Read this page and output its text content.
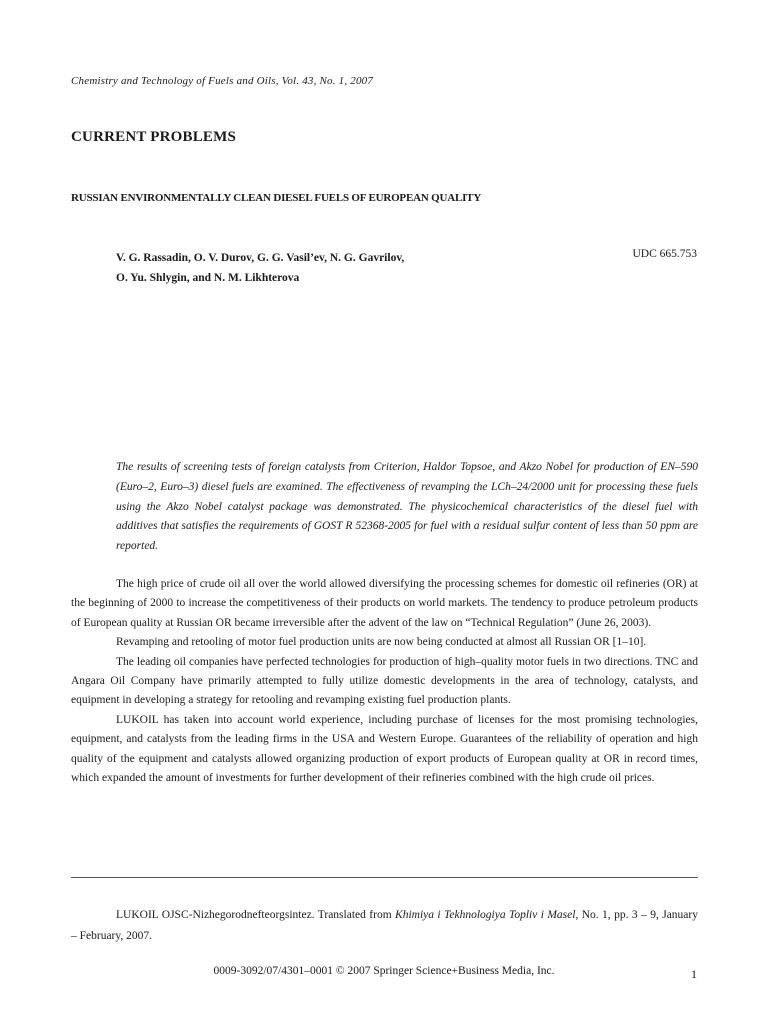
Chemistry and Technology of Fuels and Oils, Vol. 43, No. 1, 2007
CURRENT PROBLEMS
RUSSIAN ENVIRONMENTALLY CLEAN DIESEL FUELS OF EUROPEAN QUALITY
V. G. Rassadin, O. V. Durov, G. G. Vasil’ev, N. G. Gavrilov,
O. Yu. Shlygin, and N. M. Likhterova
UDC 665.753

The results of screening tests of foreign catalysts from Criterion, Haldor Topsoe, and Akzo Nobel for production of EN–590 (Euro–2, Euro–3) diesel fuels are examined. The effectiveness of revamping the LCh–24/2000 unit for processing these fuels using the Akzo Nobel catalyst package was demonstrated. The physicochemical characteristics of the diesel fuel with additives that satisfies the requirements of GOST R 52368-2005 for fuel with a residual sulfur content of less than 50 ppm are reported.

The high price of crude oil all over the world allowed diversifying the processing schemes for domestic oil refineries (OR) at the beginning of 2000 to increase the competitiveness of their products on world markets. The tendency to produce petroleum products of European quality at Russian OR became irreversible after the advent of the law on “Technical Regulation” (June 26, 2003).

Revamping and retooling of motor fuel production units are now being conducted at almost all Russian OR [1–10].

The leading oil companies have perfected technologies for production of high–quality motor fuels in two directions. TNC and Angara Oil Company have primarily attempted to fully utilize domestic developments in the area of technology, catalysts, and equipment in developing a strategy for retooling and revamping existing fuel production plants.

LUKOIL has taken into account world experience, including purchase of licenses for the most promising technologies, equipment, and catalysts from the leading firms in the USA and Western Europe. Guarantees of the reliability of operation and high quality of the equipment and catalysts allowed organizing production of export products of European quality at OR in record times, which expanded the amount of investments for further development of their refineries combined with the high crude oil prices.

LUKOIL OJSC-Nizhegorodnefteorgsintez. Translated from Khimiya i Tekhnologiya Topliv i Masel, No. 1, pp. 3 – 9, January – February, 2007.

0009-3092/07/4301–0001 © 2007 Springer Science+Business Media, Inc.	1
